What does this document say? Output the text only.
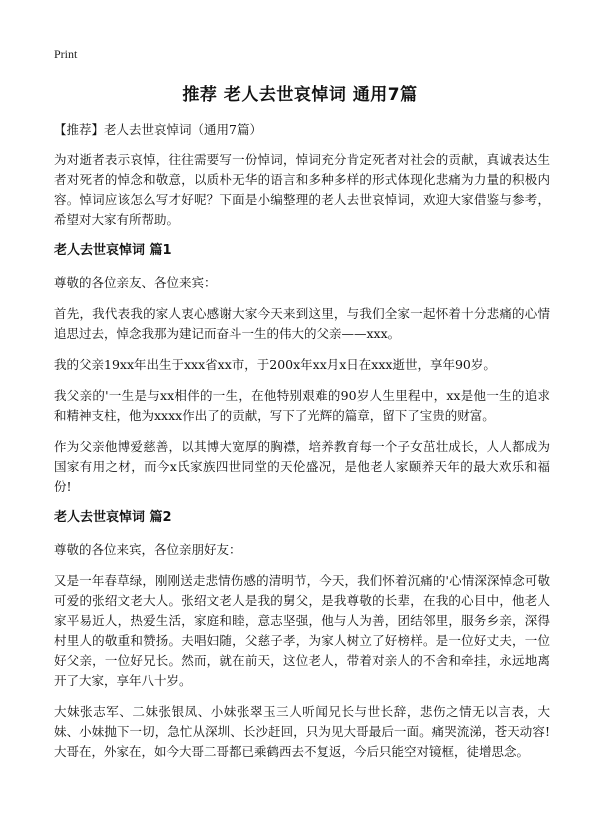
Print
推荐 老人去世哀悼词 通用7篇

【推荐】老人去世哀悼词（通用7篇）

为对逝者表示哀悼，往往需要写一份悼词，悼词充分肯定死者对社会的贡献，真诚表达生者对死者的悼念和敬意，以质朴无华的语言和多种多样的形式体现化悲痛为力量的积极内容。悼词应该怎么写才好呢？下面是小编整理的老人去世哀悼词，欢迎大家借鉴与参考，希望对大家有所帮助。

老人去世哀悼词 篇1

尊敬的各位亲友、各位来宾：

首先，我代表我的家人衷心感谢大家今天来到这里，与我们全家一起怀着十分悲痛的心情追思过去，悼念我那为建记而奋斗一生的伟大的父亲——xxx。

我的父亲19xx年出生于xxx省xx市，于200x年xx月x日在xxx逝世，享年90岁。

我父亲的'一生是与xx相伴的一生，在他特别艰难的90岁人生里程中，xx是他一生的追求和精神支柱，他为xxxx作出了的贡献，写下了光辉的篇章，留下了宝贵的财富。

作为父亲他博爱慈善，以其博大宽厚的胸襟，培养教育每一个子女茁壮成长，人人都成为国家有用之材，而今x氏家族四世同堂的天伦盛况，是他老人家颐养天年的最大欢乐和福份!

老人去世哀悼词 篇2

尊敬的各位来宾，各位亲朋好友：

又是一年春草绿，刚刚送走悲情伤感的清明节，今天，我们怀着沉痛的'心情深深悼念可敬可爱的张绍文老大人。张绍文老人是我的舅父，是我尊敬的长辈，在我的心目中，他老人家平易近人，热爱生活，家庭和睦，意志坚强，他与人为善，团结邻里，服务乡亲，深得村里人的敬重和赞扬。夫唱妇随，父慈子孝，为家人树立了好榜样。是一位好丈夫，一位好父亲，一位好兄长。然而，就在前天，这位老人，带着对亲人的不舍和牵挂，永远地离开了大家，享年八十岁。

大妹张志军、二妹张银凤、小妹张翠玉三人听闻兄长与世长辞，悲伤之情无以言表，大妹、小妹抛下一切，急忙从深圳、长沙赶回，只为见大哥最后一面。痛哭流涕，苍天动容!大哥在，外家在，如今大哥二哥都已乘鹤西去不复返，今后只能空对镜框，徒增思念。
